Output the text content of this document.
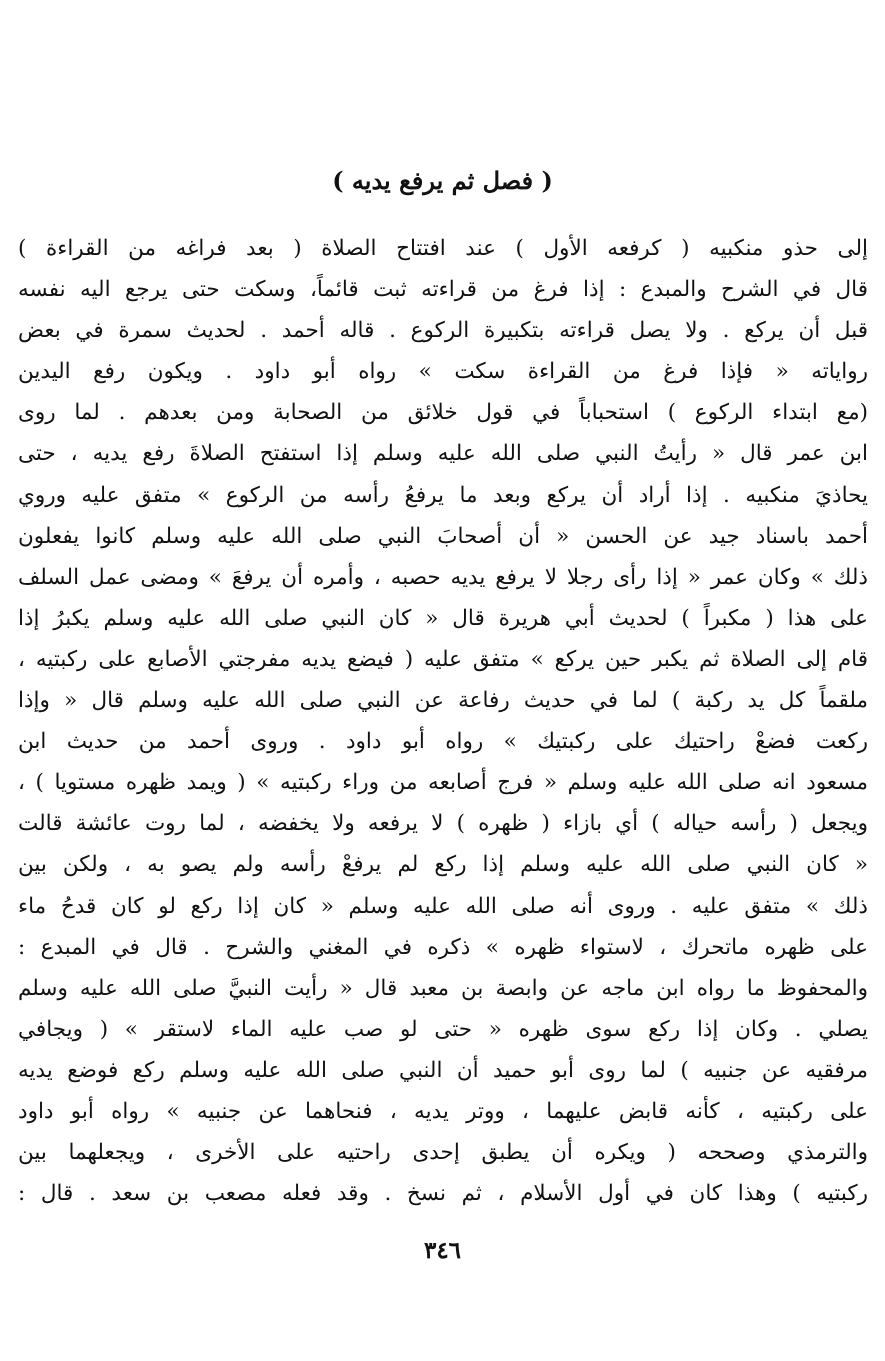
( فصل ثم يرفع يديه )
إلى حذو منكبيه ( كرفعه الأول ) عند افتتاح الصلاة ( بعد فراغه من القراءة )
قال في الشرح والمبدع : إذا فرغ من قراءته ثبت قائماً، وسكت حتى يرجع اليه نفسه
قبل أن يركع . ولا يصل قراءته بتكبيرة الركوع . قاله أحمد . لحديث سمرة في بعض
رواياته « فإذا فرغ من القراءة سكت » رواه أبو داود . ويكون رفع اليدين
(مع ابتداء الركوع ) استحباباً في قول خلائق من الصحابة ومن بعدهم . لما روى
ابن عمر قال « رأيتُ النبي صلى الله عليه وسلم إذا استفتح الصلاةَ رفع يديه ، حتى
يحاذيَ منكبيه . إذا أراد أن يركع وبعد ما يرفعُ رأسه من الركوع » متفق عليه وروي
أحمد باسناد جيد عن الحسن « أن أصحابَ النبي صلى الله عليه وسلم كانوا يفعلون
ذلك » وكان عمر « إذا رأى رجلا لا يرفع يديه حصبه ، وأمره أن يرفعَ » ومضى عمل السلف
على هذا ( مكبراً ) لحديث أبي هريرة قال « كان النبي صلى الله عليه وسلم يكبرُ إذا
قام إلى الصلاة ثم يكبر حين يركع » متفق عليه ( فيضع يديه مفرجتي الأصابع على ركبتيه ،
ملقماً كل يد ركبة ) لما في حديث رفاعة عن النبي صلى الله عليه وسلم قال « وإذا
ركعت فضعْ راحتيك على ركبتيك » رواه أبو داود . وروى أحمد من حديث ابن
مسعود انه صلى الله عليه وسلم « فرج أصابعه من وراء ركبتيه » ( ويمد ظهره مستويا ) ،
ويجعل ( رأسه حياله ) أي بازاء ( ظهره ) لا يرفعه ولا يخفضه ، لما روت عائشة قالت
« كان النبي صلى الله عليه وسلم إذا ركع لم يرفعْ رأسه ولم يصو به ، ولكن بين
ذلك » متفق عليه . وروى أنه صلى الله عليه وسلم « كان إذا ركع لو كان قدحُ ماء
على ظهره ماتحرك ، لاستواء ظهره » ذكره في المغني والشرح . قال في المبدع :
والمحفوظ ما رواه ابن ماجه عن وابصة بن معبد قال « رأيت النبيَّ صلى الله عليه وسلم
يصلي . وكان إذا ركع سوى ظهره « حتى لو صب عليه الماء لاستقر » ( ويجافي
مرفقيه عن جنبيه ) لما روى أبو حميد أن النبي صلى الله عليه وسلم ركع فوضع يديه
على ركبتيه ، كأنه قابض عليهما ، ووتر يديه ، فنحاهما عن جنبيه » رواه أبو داود
والترمذي وصححه ( ويكره أن يطبق إحدى راحتيه على الأخرى ، ويجعلهما بين
ركبتيه ) وهذا كان في أول الأسلام ، ثم نسخ . وقد فعله مصعب بن سعد . قال :
٣٤٦
